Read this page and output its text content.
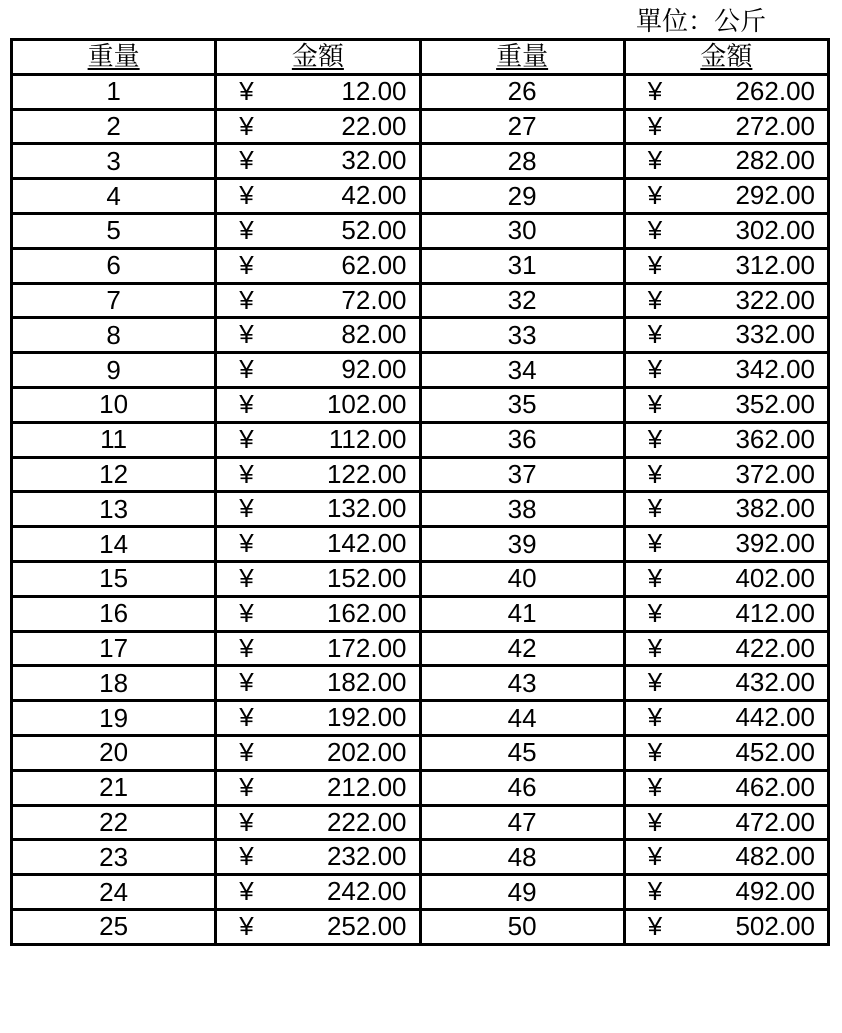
單位：公斤
重量	金額	重量	金額
1	¥ 12.00	26	¥ 262.00

2	¥ 22.00	27	¥ 272.00

3	¥ 32.00	28	¥ 282.00

4	¥ 42.00	29	¥ 292.00

5	¥ 52.00	30	¥ 302.00

6	¥ 62.00	31	¥ 312.00

7	¥ 72.00	32	¥ 322.00

8	¥ 82.00	33	¥ 332.00

9	¥ 92.00	34	¥ 342.00

10	¥ 102.00	35	¥ 352.00

11	¥ 112.00	36	¥ 362.00

12	¥ 122.00	37	¥ 372.00

13	¥ 132.00	38	¥ 382.00

14	¥ 142.00	39	¥ 392.00

15	¥ 152.00	40	¥ 402.00

16	¥ 162.00	41	¥ 412.00

17	¥ 172.00	42	¥ 422.00

18	¥ 182.00	43	¥ 432.00

19	¥ 192.00	44	¥ 442.00

20	¥ 202.00	45	¥ 452.00

21	¥ 212.00	46	¥ 462.00

22	¥ 222.00	47	¥ 472.00

23	¥ 232.00	48	¥ 482.00

24	¥ 242.00	49	¥ 492.00

25	¥ 252.00	50	¥ 502.00
